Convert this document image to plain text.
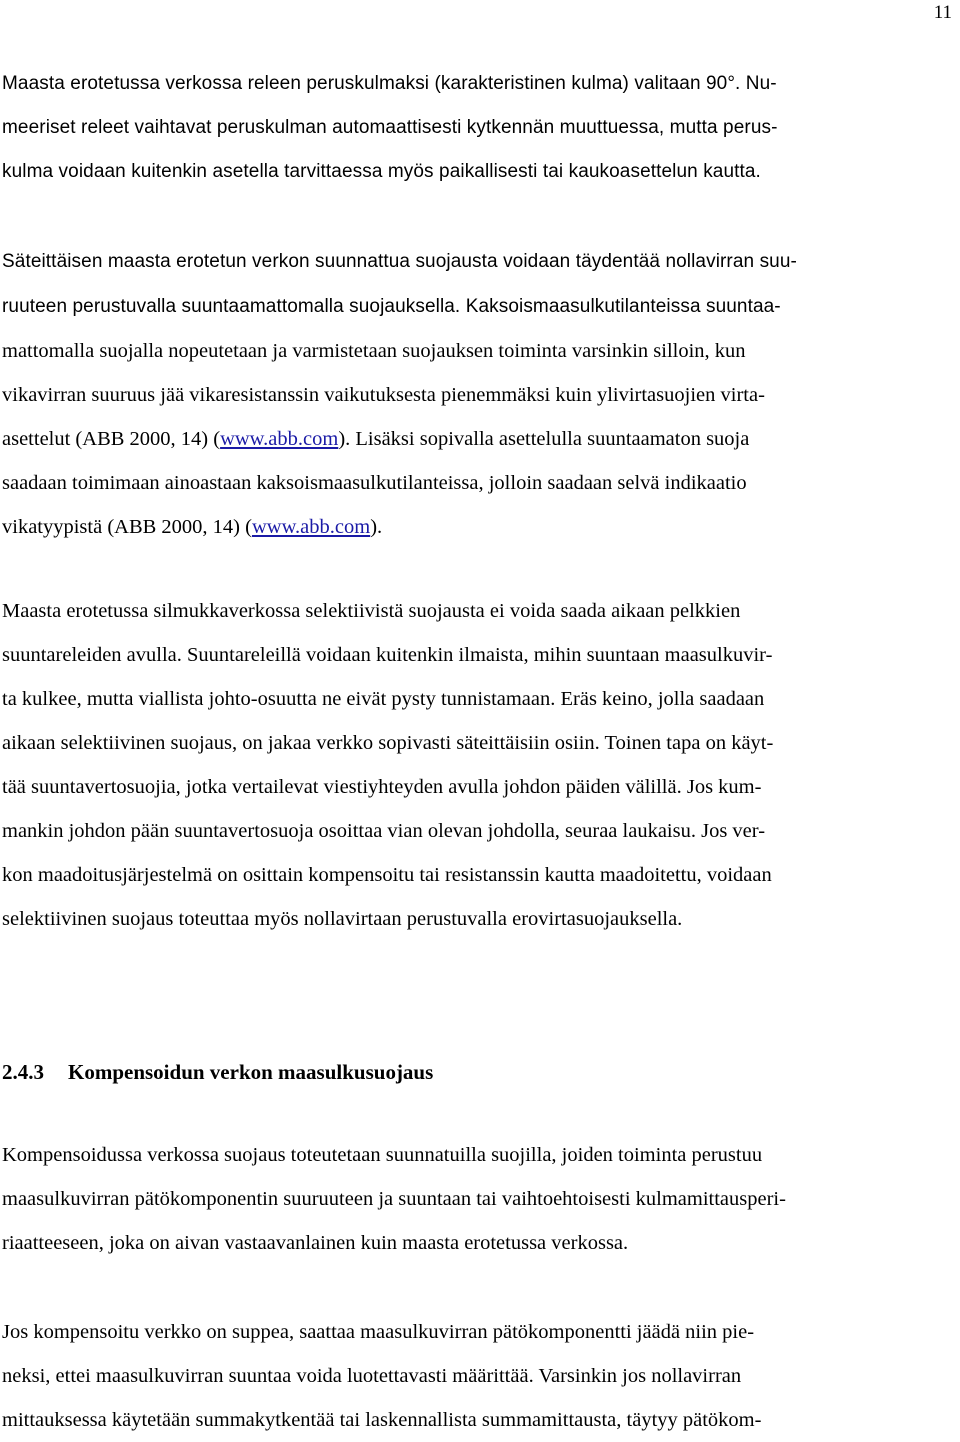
11

Maasta erotetussa verkossa releen peruskulmaksi (karakteristinen kulma) valitaan 90°. Nu-
meeriset releet vaihtavat peruskulman automaattisesti kytkennän muuttuessa, mutta perus-
kulma voidaan kuitenkin asetella tarvittaessa myös paikallisesti tai kaukoasettelun kautta.

Säteittäisen maasta erotetun verkon suunnattua suojausta voidaan täydentää nollavirran suu-
ruuteen perustuvalla suuntaamattomalla suojauksella. Kaksoismaasulkutilanteissa suuntaa-
mattomalla suojalla nopeutetaan ja varmistetaan suojauksen toiminta varsinkin silloin, kun
vikavirran suuruus jää vikaresistanssin vaikutuksesta pienemmäksi kuin ylivirtasuojien virta-
asettelut (ABB 2000, 14) (www.abb.com). Lisäksi sopivalla asettelulla suuntaamaton suoja
saadaan toimimaan ainoastaan kaksoismaasulkutilanteissa, jolloin saadaan selvä indikaatio
vikatyypistä (ABB 2000, 14) (www.abb.com).

Maasta erotetussa silmukkaverkossa selektiivistä suojausta ei voida saada aikaan pelkkien
suuntareleiden avulla. Suuntareleillä voidaan kuitenkin ilmaista, mihin suuntaan maasulkuvir-
ta kulkee, mutta viallista johto-osuutta ne eivät pysty tunnistamaan. Eräs keino, jolla saadaan
aikaan selektiivinen suojaus, on jakaa verkko sopivasti säteittäisiin osiin. Toinen tapa on käyt-
tää suuntavertosuojia, jotka vertailevat viestiyhteyden avulla johdon päiden välillä. Jos kum-
mankin johdon pään suuntavertosuoja osoittaa vian olevan johdolla, seuraa laukaisu. Jos ver-
kon maadoitusjärjestelmä on osittain kompensoitu tai resistanssin kautta maadoitettu, voidaan
selektiivinen suojaus toteuttaa myös nollavirtaan perustuvalla erovirtasuojauksella.

2.4.3 Kompensoidun verkon maasulkusuojaus

Kompensoidussa verkossa suojaus toteutetaan suunnatuilla suojilla, joiden toiminta perustuu
maasulkuvirran pätökomponentin suuruuteen ja suuntaan tai vaihtoehtoisesti kulmamittausperi-
riaatteeseen, joka on aivan vastaavanlainen kuin maasta erotetussa verkossa.

Jos kompensoitu verkko on suppea, saattaa maasulkuvirran pätökomponentti jäädä niin pie-
neksi, ettei maasulkuvirran suuntaa voida luotettavasti määrittää. Varsinkin jos nollavirran
mittauksessa käytetään summakytkentää tai laskennallista summamittausta, täytyy pätökom-
